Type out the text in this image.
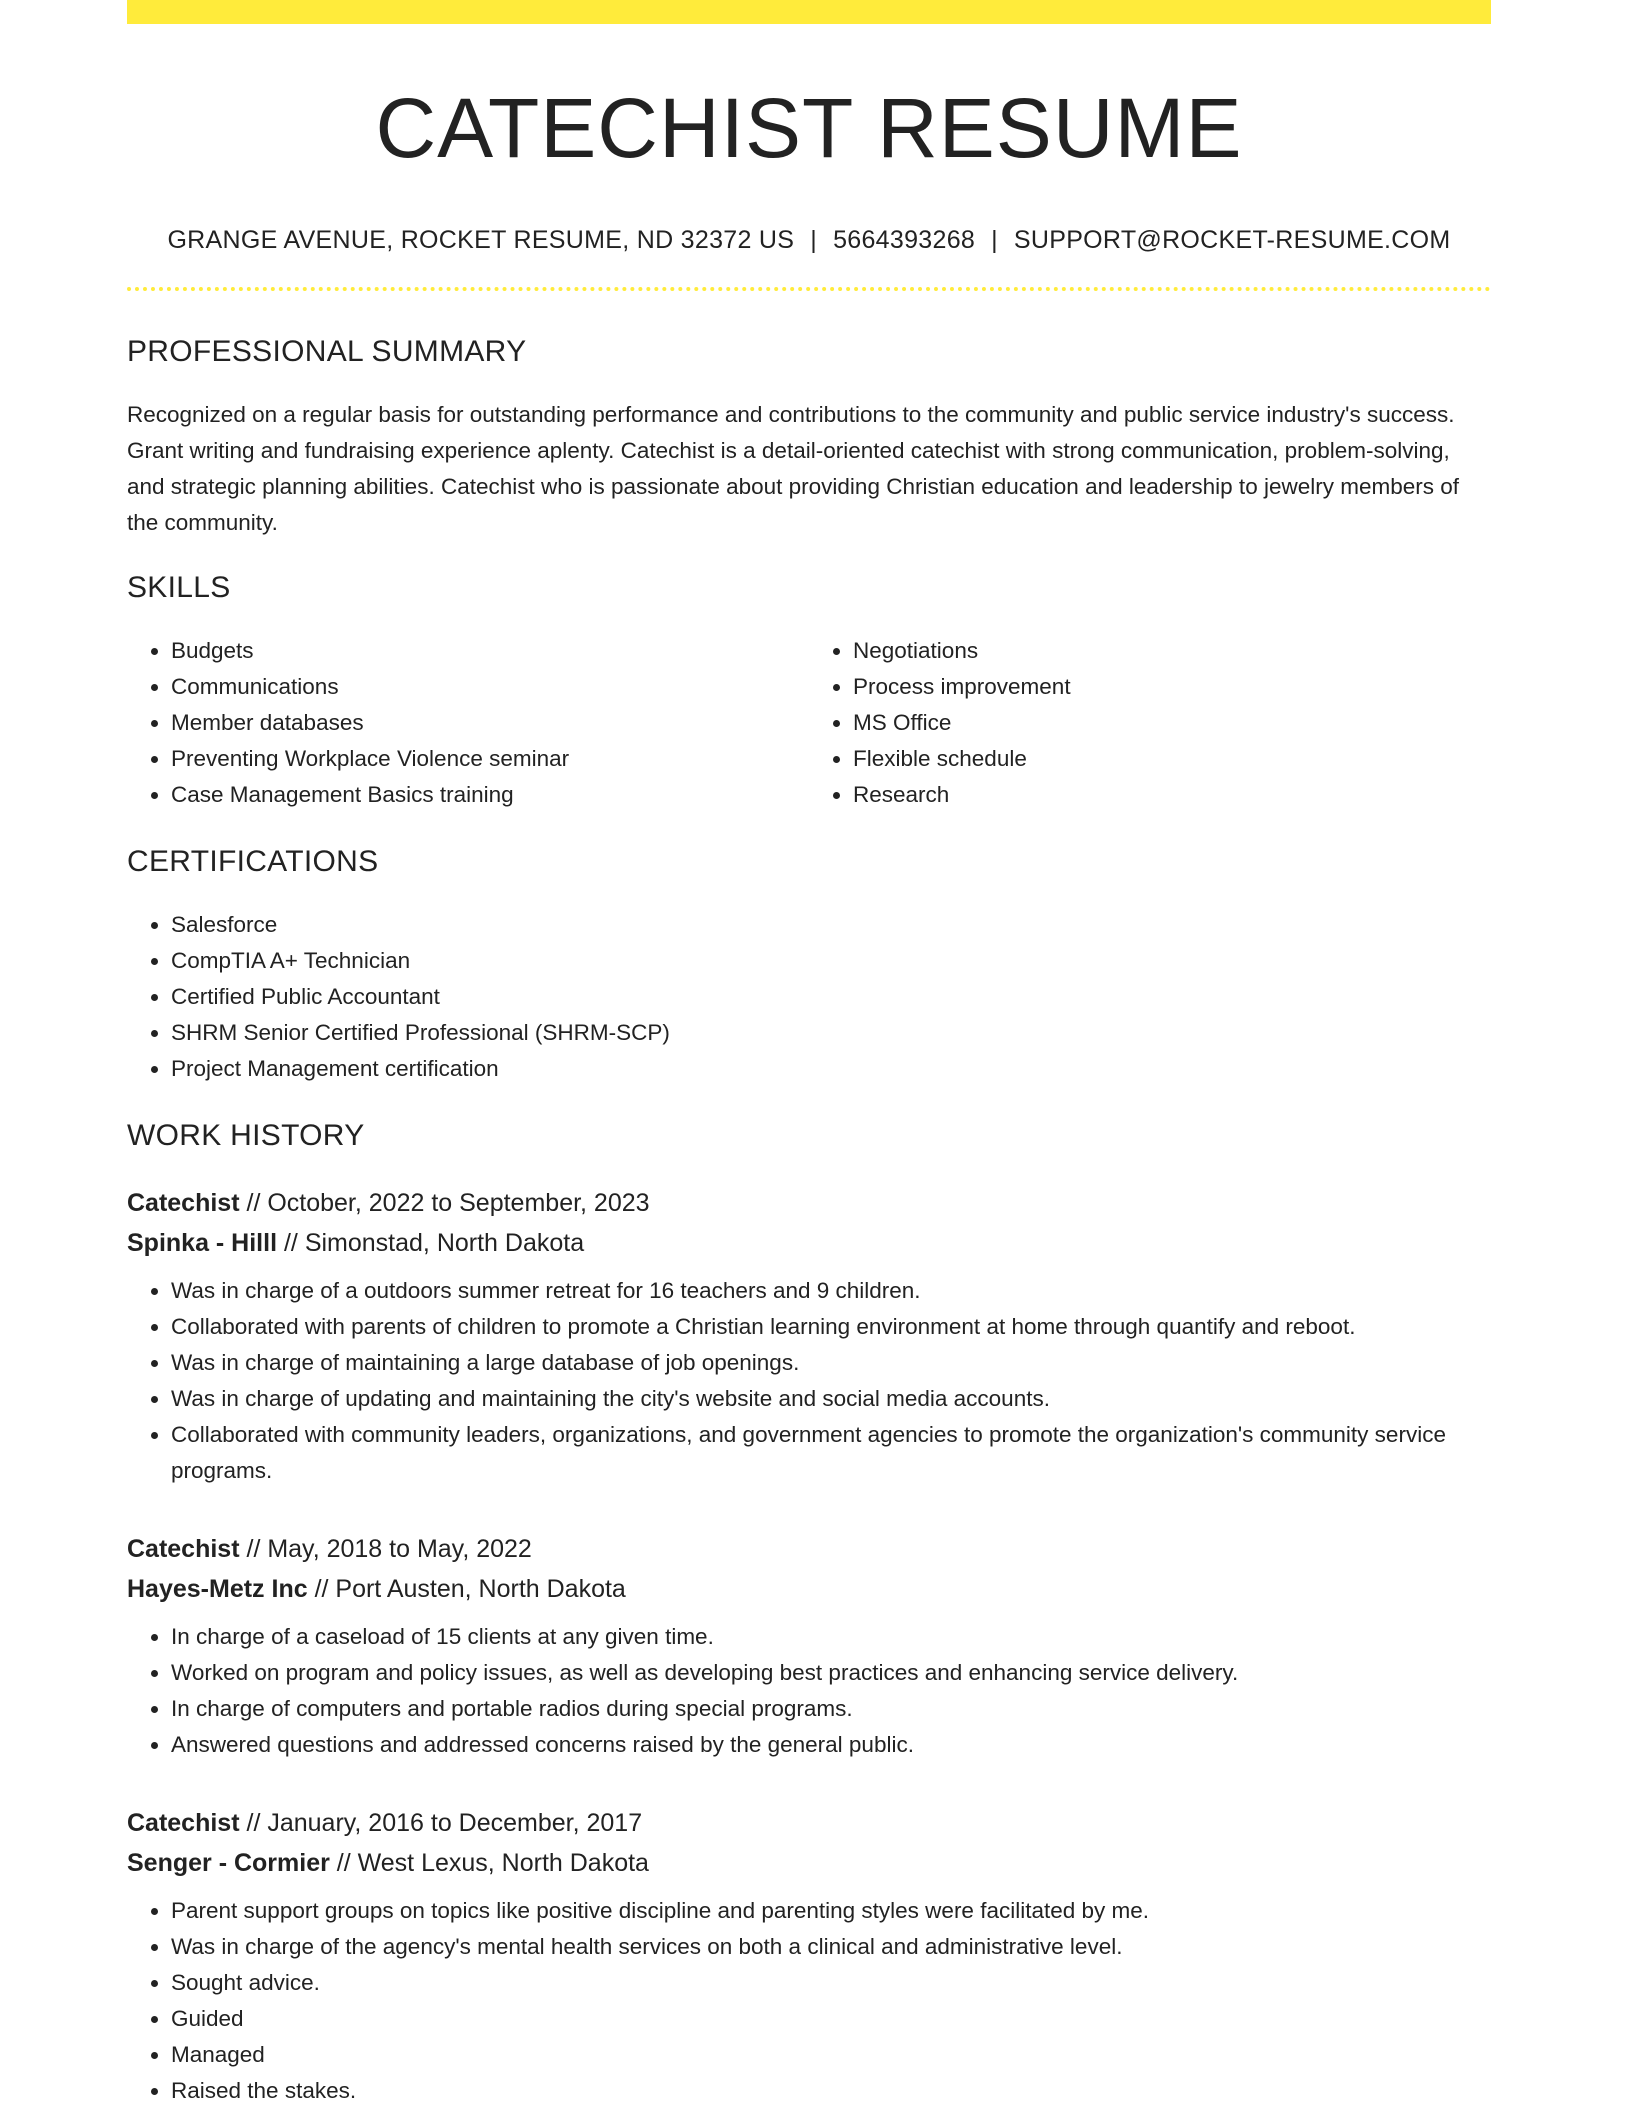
CATECHIST RESUME
GRANGE AVENUE, ROCKET RESUME, ND 32372 US | 5664393268 | SUPPORT@ROCKET-RESUME.COM
PROFESSIONAL SUMMARY

Recognized on a regular basis for outstanding performance and contributions to the community and public service industry's success. Grant writing and fundraising experience aplenty. Catechist is a detail-oriented catechist with strong communication, problem-solving, and strategic planning abilities. Catechist who is passionate about providing Christian education and leadership to jewelry members of the community.

SKILLS
• Budgets
• Communications
• Member databases
• Preventing Workplace Violence seminar
• Case Management Basics training
• Negotiations
• Process improvement
• MS Office
• Flexible schedule
• Research
CERTIFICATIONS
• Salesforce
• CompTIA A+ Technician
• Certified Public Accountant
• SHRM Senior Certified Professional (SHRM-SCP)
• Project Management certification
WORK HISTORY
Catechist // October, 2022 to September, 2023
Spinka - Hilll // Simonstad, North Dakota
• Was in charge of a outdoors summer retreat for 16 teachers and 9 children.
• Collaborated with parents of children to promote a Christian learning environment at home through quantify and reboot.
• Was in charge of maintaining a large database of job openings.
• Was in charge of updating and maintaining the city's website and social media accounts.
• Collaborated with community leaders, organizations, and government agencies to promote the organization's community service programs.
Catechist // May, 2018 to May, 2022
Hayes-Metz Inc // Port Austen, North Dakota
• In charge of a caseload of 15 clients at any given time.
• Worked on program and policy issues, as well as developing best practices and enhancing service delivery.
• In charge of computers and portable radios during special programs.
• Answered questions and addressed concerns raised by the general public.
Catechist // January, 2016 to December, 2017
Senger - Cormier // West Lexus, North Dakota
• Parent support groups on topics like positive discipline and parenting styles were facilitated by me.
• Was in charge of the agency's mental health services on both a clinical and administrative level.
• Sought advice.
• Guided
• Managed
• Raised the stakes.
